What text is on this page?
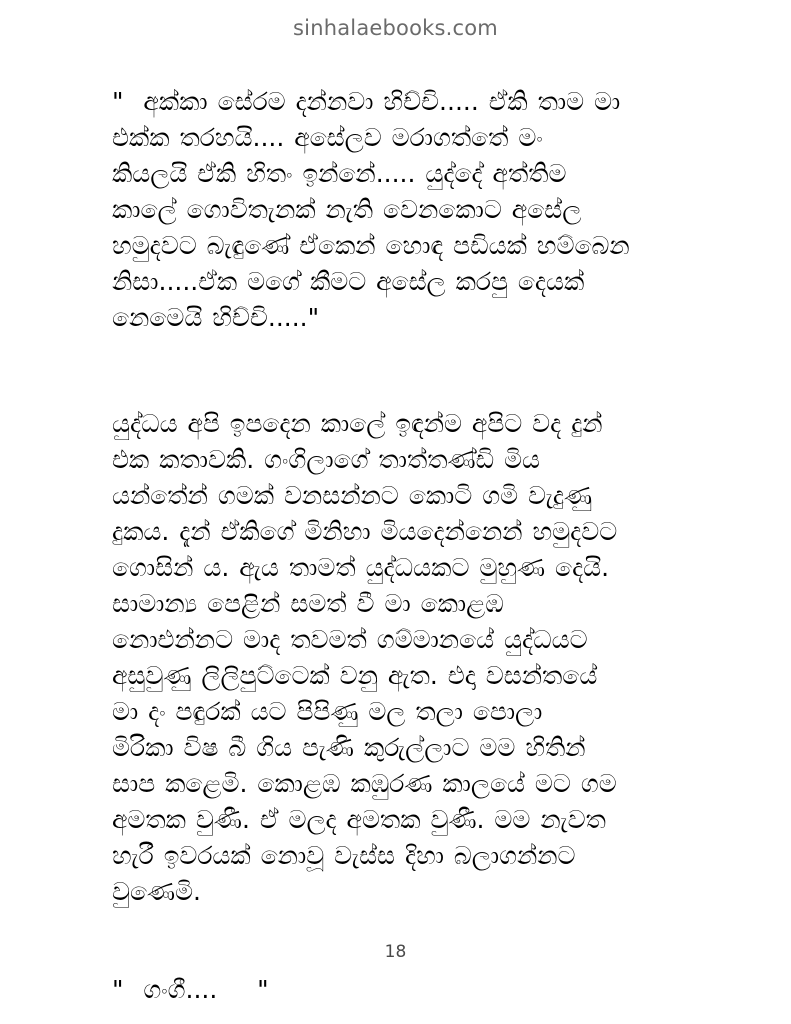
sinhalaebooks.com
"  අක්කා සේරම දන්නවා හිච්චි..... ඒකි තාම මා
එක්ක තරහයි.... අසේලව මරාගත්තේ මං
කියලයි ඒකි හිතං ඉන්නේ..... යුද්දේ අත්තිම
කාලේ ගොවිතැනක් නැති වෙනකොට අසේල
හමුදවට බැඳුණේ ඒකෙන් හොඳ පඩියක් හම්බෙන
නිසා.....ඒක මගේ කීමට අසේල කරපු දෙයක්
නෙමෙයි හිච්චි....."
යුද්ධය අපි ඉපදෙන කාලේ ඉඳන්ම අපිට වද දුන්
එක කතාවකි. ගංගිලාගේ තාත්තණ්ඩි මිය
යන්තේන් ගමක් වනසන්නට කොටි ගමි වැදුණු
දුකය. දැන් ඒකිගේ මිනිහා මියදෙන්නෙන් හමුදවට
ගොසින් ය. ඇය තාමත් යුද්ධයකට මුහුණ දෙයි.
සාමාන්‍ය පෙළින් සමත් වී මා කොළඹ
නොඑන්නට මාද තවමත් ගම්මානයේ යුද්ධයට
අසුවුණු ලිලිපුට්ටෙක් වනු ඇත. එදා වසන්තයේ
මා දං පඳුරක් යට පිපිණු මල තලා පොලා
මිරිකා විෂ බී ගිය පැණි කුරුල්ලාට මම හිතින්
සාප කළෙමි. කොළඹ කඹුරණ කාලයේ මට ගම
අමතක වුණී. ඒ මලද අමතක වුණී. මම නැවත
හැරී ඉවරයක් නොවූ වැස්ස දිහා බලාගන්නට
වුණෙමි.
"  ගංගී....    "
18
